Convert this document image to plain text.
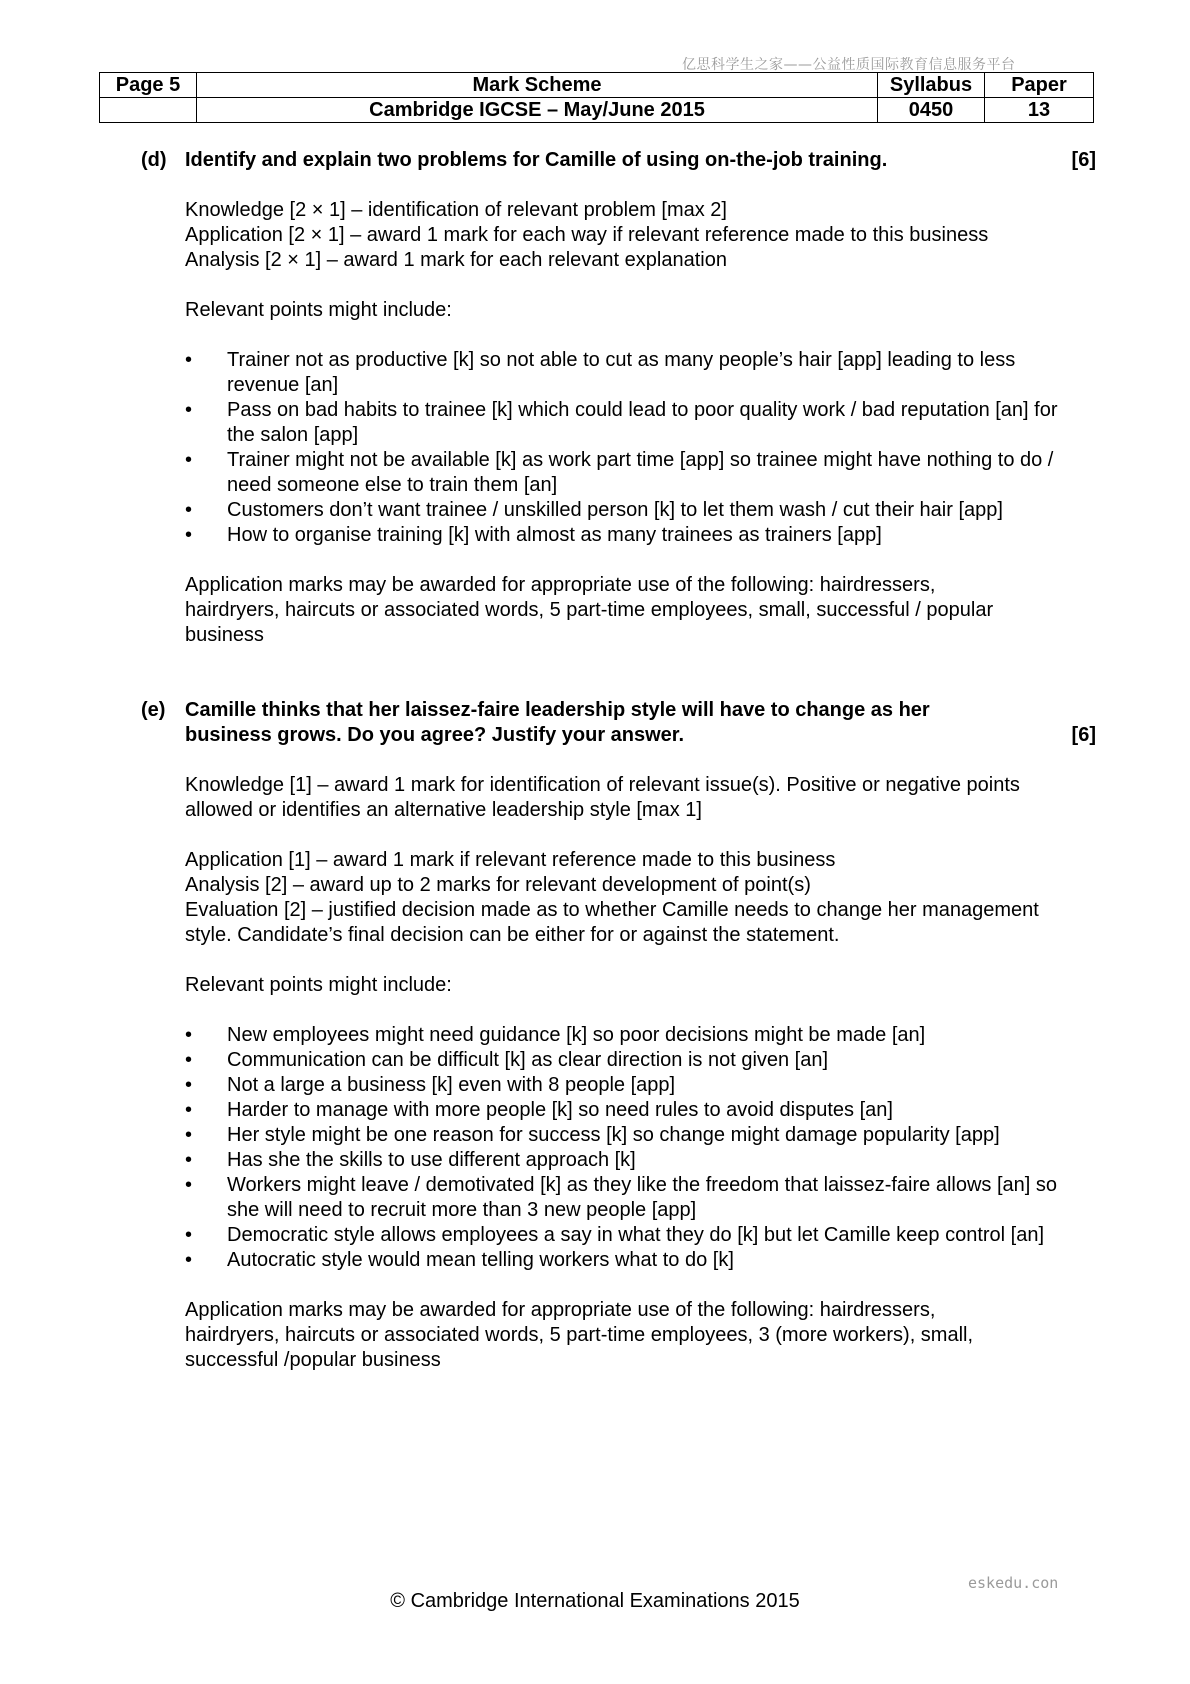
亿思科学生之家——公益性质国际教育信息服务平台
Page 5	Mark Scheme	Syllabus	Paper
	Cambridge IGCSE – May/June 2015	0450	13
(d) Identify and explain two problems for Camille of using on-the-job training.	[6]

Knowledge [2 × 1] – identification of relevant problem [max 2]

Application [2 × 1] – award 1 mark for each way if relevant reference made to this business

Analysis [2 × 1] – award 1 mark for each relevant explanation

Relevant points might include:

• Trainer not as productive [k] so not able to cut as many people’s hair [app] leading to less revenue [an]
• Pass on bad habits to trainee [k] which could lead to poor quality work / bad reputation [an] for the salon [app]
• Trainer might not be available [k] as work part time [app] so trainee might have nothing to do / need someone else to train them [an]
• Customers don’t want trainee / unskilled person [k] to let them wash / cut their hair [app]
• How to organise training [k] with almost as many trainees as trainers [app]

Application marks may be awarded for appropriate use of the following: hairdressers, hairdryers, haircuts or associated words, 5 part-time employees, small, successful / popular business

(e) Camille thinks that her laissez-faire leadership style will have to change as her business grows. Do you agree? Justify your answer.	[6]

Knowledge [1] – award 1 mark for identification of relevant issue(s). Positive or negative points allowed or identifies an alternative leadership style [max 1]

Application [1] – award 1 mark if relevant reference made to this business

Analysis [2] – award up to 2 marks for relevant development of point(s)

Evaluation [2] – justified decision made as to whether Camille needs to change her management style. Candidate’s final decision can be either for or against the statement.

Relevant points might include:

• New employees might need guidance [k] so poor decisions might be made [an]
• Communication can be difficult [k] as clear direction is not given [an]
• Not a large a business [k] even with 8 people [app]
• Harder to manage with more people [k] so need rules to avoid disputes [an]
• Her style might be one reason for success [k] so change might damage popularity [app]
• Has she the skills to use different approach [k]
• Workers might leave / demotivated [k] as they like the freedom that laissez-faire allows [an] so she will need to recruit more than 3 new people [app]
• Democratic style allows employees a say in what they do [k] but let Camille keep control [an]
• Autocratic style would mean telling workers what to do [k]

Application marks may be awarded for appropriate use of the following: hairdressers, hairdryers, haircuts or associated words, 5 part-time employees, 3 (more workers), small, successful /popular business

eskedu.con
© Cambridge International Examinations 2015
